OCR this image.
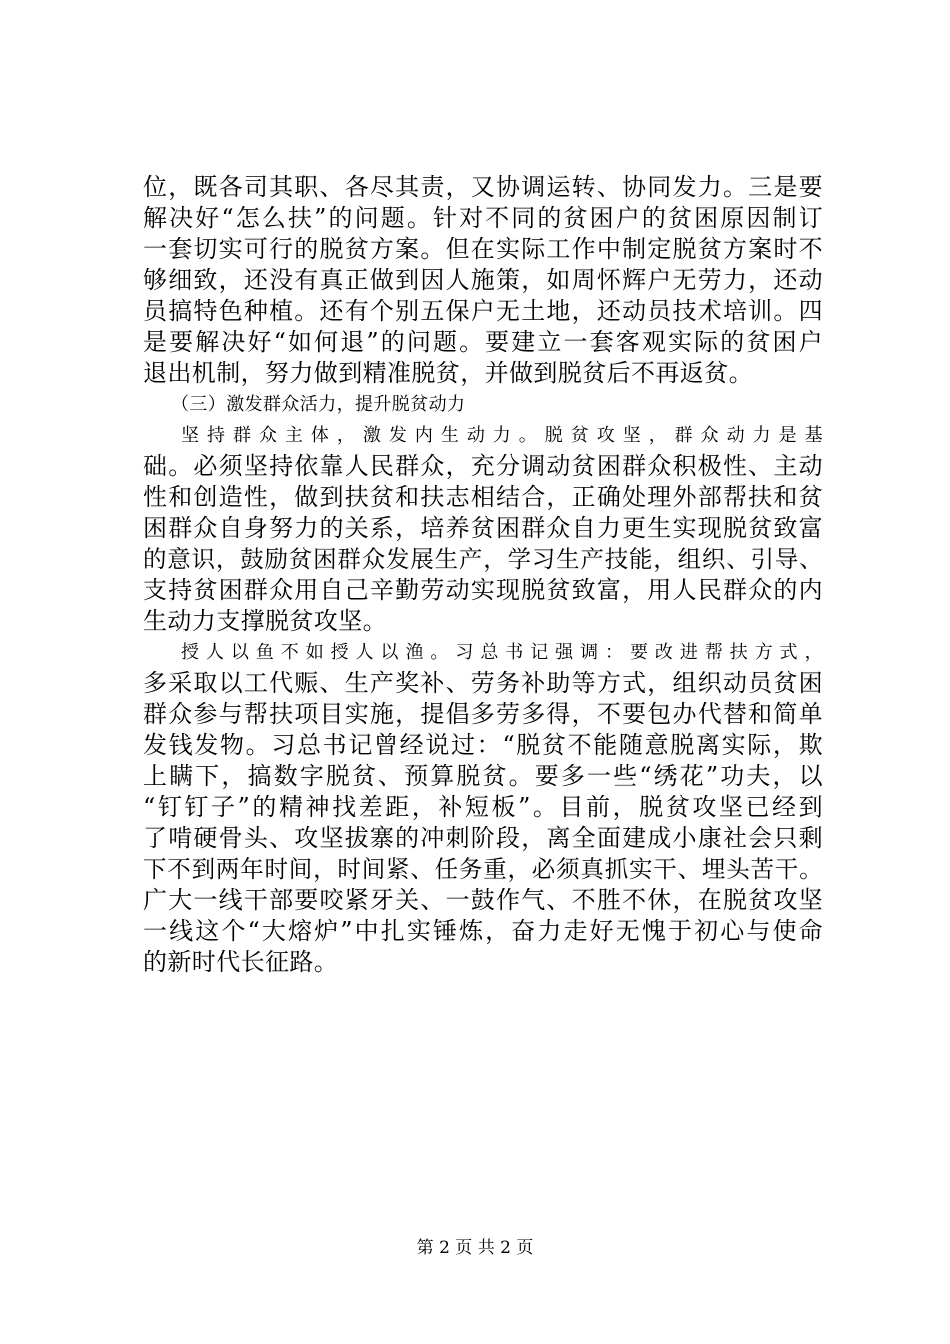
位，既各司其职、各尽其责，又协调运转、协同发力。三是要
解决好“怎么扶”的问题。针对不同的贫困户的贫困原因制订
一套切实可行的脱贫方案。但在实际工作中制定脱贫方案时不
够细致，还没有真正做到因人施策，如周怀辉户无劳力，还动
员搞特色种植。还有个别五保户无土地，还动员技术培训。四
是要解决好“如何退”的问题。要建立一套客观实际的贫困户
退出机制，努力做到精准脱贫，并做到脱贫后不再返贫。
（三）激发群众活力，提升脱贫动力
坚持群众主体，激发内生动力。脱贫攻坚，群众动力是基
础。必须坚持依靠人民群众，充分调动贫困群众积极性、主动
性和创造性，做到扶贫和扶志相结合，正确处理外部帮扶和贫
困群众自身努力的关系，培养贫困群众自力更生实现脱贫致富
的意识，鼓励贫困群众发展生产，学习生产技能，组织、引导、
支持贫困群众用自己辛勤劳动实现脱贫致富，用人民群众的内
生动力支撑脱贫攻坚。
授人以鱼不如授人以渔。习总书记强调：要改进帮扶方式，
多采取以工代赈、生产奖补、劳务补助等方式，组织动员贫困
群众参与帮扶项目实施，提倡多劳多得，不要包办代替和简单
发钱发物。习总书记曾经说过：“脱贫不能随意脱离实际，欺
上瞒下，搞数字脱贫、预算脱贫。要多一些“绣花”功夫，以
“钉钉子”的精神找差距，补短板”。目前，脱贫攻坚已经到
了啃硬骨头、攻坚拔寨的冲刺阶段，离全面建成小康社会只剩
下不到两年时间，时间紧、任务重，必须真抓实干、埋头苦干。
广大一线干部要咬紧牙关、一鼓作气、不胜不休，在脱贫攻坚
一线这个“大熔炉”中扎实锤炼，奋力走好无愧于初心与使命
的新时代长征路。
第 2 页 共 2 页
